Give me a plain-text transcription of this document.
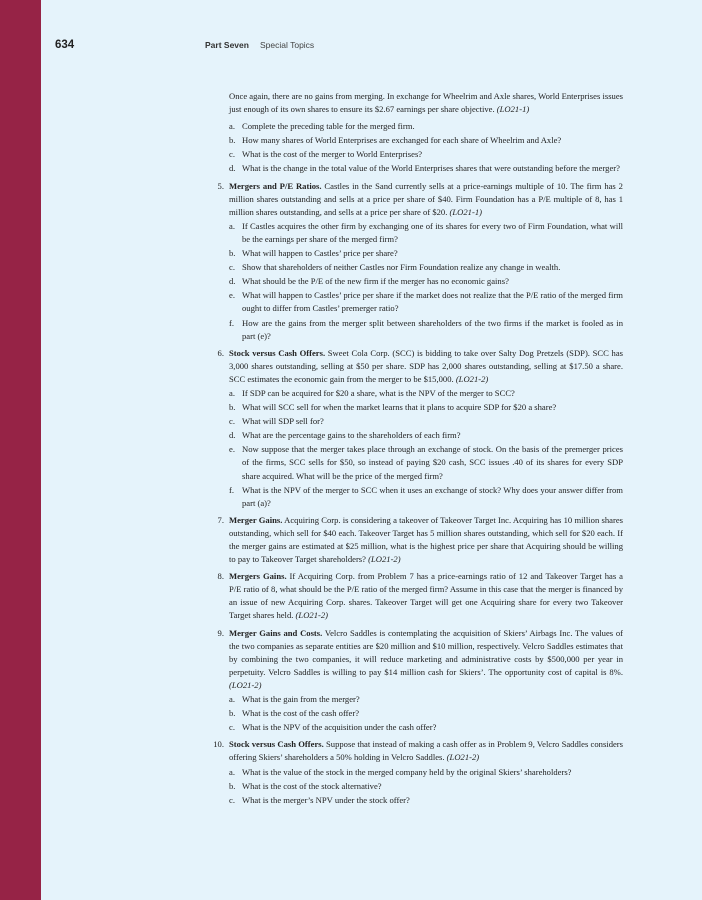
634	Part Seven Special Topics

Once again, there are no gains from merging. In exchange for Wheelrim and Axle shares, World Enterprises issues just enough of its own shares to ensure its $2.67 earnings per share objective. (LO21-1)

a. Complete the preceding table for the merged firm.
b. How many shares of World Enterprises are exchanged for each share of Wheelrim and Axle?
c. What is the cost of the merger to World Enterprises?
d. What is the change in the total value of the World Enterprises shares that were outstanding before the merger?
5. Mergers and P/E Ratios. Castles in the Sand currently sells at a price-earnings multiple of 10. The firm has 2 million shares outstanding and sells at a price per share of $40. Firm Foundation has a P/E multiple of 8, has 1 million shares outstanding, and sells at a price per share of $20. (LO21-1)
a. If Castles acquires the other firm by exchanging one of its shares for every two of Firm Foundation, what will be the earnings per share of the merged firm?
b. What will happen to Castles’ price per share?
c. Show that shareholders of neither Castles nor Firm Foundation realize any change in wealth.
d. What should be the P/E of the new firm if the merger has no economic gains?
e. What will happen to Castles’ price per share if the market does not realize that the P/E ratio of the merged firm ought to differ from Castles’ premerger ratio?
f. How are the gains from the merger split between shareholders of the two firms if the market is fooled as in part (e)?
6. Stock versus Cash Offers. Sweet Cola Corp. (SCC) is bidding to take over Salty Dog Pretzels (SDP). SCC has 3,000 shares outstanding, selling at $50 per share. SDP has 2,000 shares outstanding, selling at $17.50 a share. SCC estimates the economic gain from the merger to be $15,000. (LO21-2)
a. If SDP can be acquired for $20 a share, what is the NPV of the merger to SCC?
b. What will SCC sell for when the market learns that it plans to acquire SDP for $20 a share?
c. What will SDP sell for?
d. What are the percentage gains to the shareholders of each firm?
e. Now suppose that the merger takes place through an exchange of stock. On the basis of the premerger prices of the firms, SCC sells for $50, so instead of paying $20 cash, SCC issues .40 of its shares for every SDP share acquired. What will be the price of the merged firm?
f. What is the NPV of the merger to SCC when it uses an exchange of stock? Why does your answer differ from part (a)?
7. Merger Gains. Acquiring Corp. is considering a takeover of Takeover Target Inc. Acquiring has 10 million shares outstanding, which sell for $40 each. Takeover Target has 5 million shares outstanding, which sell for $20 each. If the merger gains are estimated at $25 million, what is the highest price per share that Acquiring should be willing to pay to Takeover Target shareholders? (LO21-2)
8. Mergers Gains. If Acquiring Corp. from Problem 7 has a price-earnings ratio of 12 and Takeover Target has a P/E ratio of 8, what should be the P/E ratio of the merged firm? Assume in this case that the merger is financed by an issue of new Acquiring Corp. shares. Takeover Target will get one Acquiring share for every two Takeover Target shares held. (LO21-2)
9. Merger Gains and Costs. Velcro Saddles is contemplating the acquisition of Skiers’ Airbags Inc. The values of the two companies as separate entities are $20 million and $10 million, respectively. Velcro Saddles estimates that by combining the two companies, it will reduce marketing and administrative costs by $500,000 per year in perpetuity. Velcro Saddles is willing to pay $14 million cash for Skiers’. The opportunity cost of capital is 8%. (LO21-2)
a. What is the gain from the merger?
b. What is the cost of the cash offer?
c. What is the NPV of the acquisition under the cash offer?
10. Stock versus Cash Offers. Suppose that instead of making a cash offer as in Problem 9, Velcro Saddles considers offering Skiers’ shareholders a 50% holding in Velcro Saddles. (LO21-2)
a. What is the value of the stock in the merged company held by the original Skiers’ shareholders?
b. What is the cost of the stock alternative?
c. What is the merger’s NPV under the stock offer?
